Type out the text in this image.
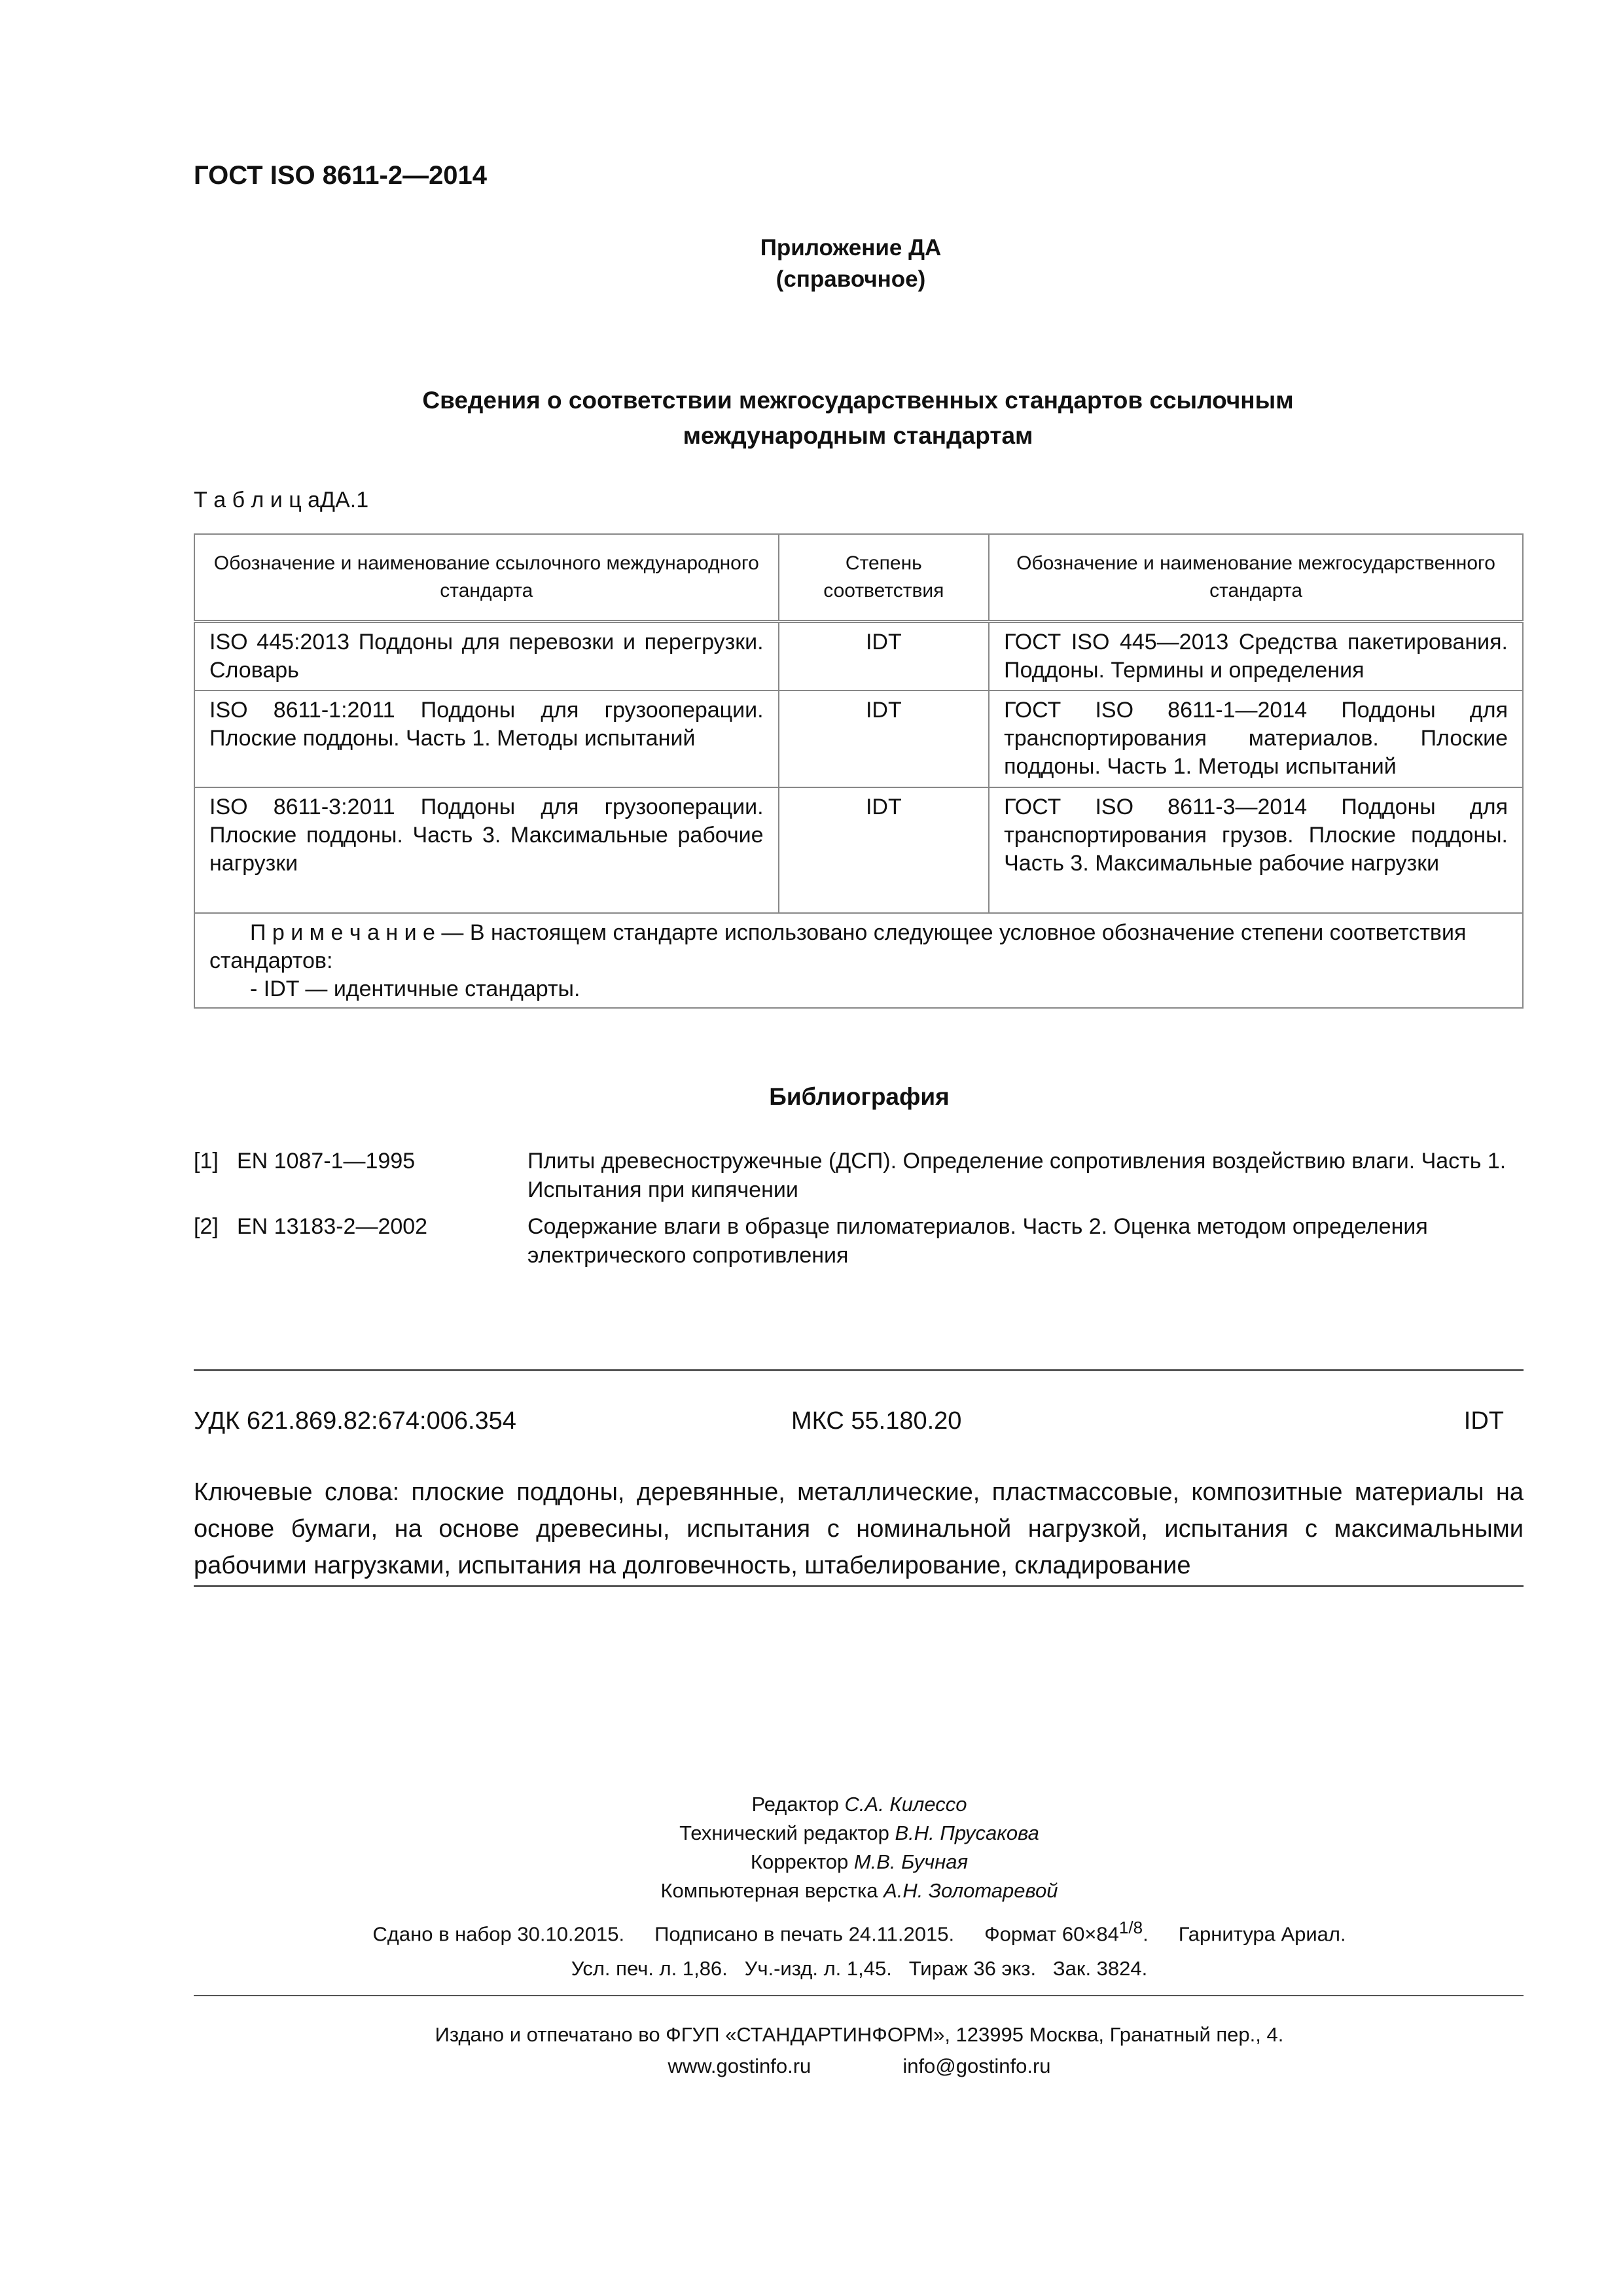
ГОСТ ISO 8611-2—2014
Приложение ДА
(справочное)
Сведения о соответствии межгосударственных стандартов ссылочным
международным стандартам
Т а б л и ц аДА.1
Обозначение и наименование ссылочного международного стандарта	Степень соответствия	Обозначение и наименование межгосударственного стандарта
ISO 445:2013 Поддоны для перевозки и перегрузки. Словарь	IDT	ГОСТ ISO 445—2013 Средства пакетирования. Поддоны. Термины и определения
ISO 8611-1:2011 Поддоны для грузооперации. Плоские поддоны. Часть 1. Методы испытаний	IDT	ГОСТ ISO 8611-1—2014 Поддоны для транспортирования материалов. Плоские поддоны. Часть 1. Методы испытаний
ISO 8611-3:2011 Поддоны для грузооперации. Плоские поддоны. Часть 3. Максимальные рабочие нагрузки	IDT	ГОСТ ISO 8611-3—2014 Поддоны для транспортирования грузов. Плоские поддоны. Часть 3. Максимальные рабочие нагрузки

П р и м е ч а н и е — В настоящем стандарте использовано следующее условное обозначение степени соответствия стандартов:
- IDT — идентичные стандарты.		
Библиография
[1] EN 1087-1—1995	Плиты древесностружечные (ДСП). Определение сопротивления воздействию влаги. Часть 1. Испытания при кипячении
[2] EN 13183-2—2002	Содержание влаги в образце пиломатериалов. Часть 2. Оценка методом определения электрического сопротивления
УДК 621.869.82:674:006.354	МКС 55.180.20	IDT
Ключевые слова: плоские поддоны, деревянные, металлические, пластмассовые, композитные материалы на основе бумаги, на основе древесины, испытания с номинальной нагрузкой, испытания с максимальными рабочими нагрузками, испытания на долговечность, штабелирование, складирование
Редактор С.А. Килессо
Технический редактор В.Н. Прусакова
Корректор М.В. Бучная
Компьютерная верстка А.Н. Золотаревой
Сдано в набор 30.10.2015. Подписано в печать 24.11.2015. Формат $60\times 84^{1/8}$. Гарнитура Ариал.
Усл. печ. л. 1,86. Уч.-изд. л. 1,45. Тираж 36 экз. Зак. 3824.
Издано и отпечатано во ФГУП «СТАНДАРТИНФОРМ», 123995 Москва, Гранатный пер., 4.
www.gostinfo.ru	info@gostinfo.ru
